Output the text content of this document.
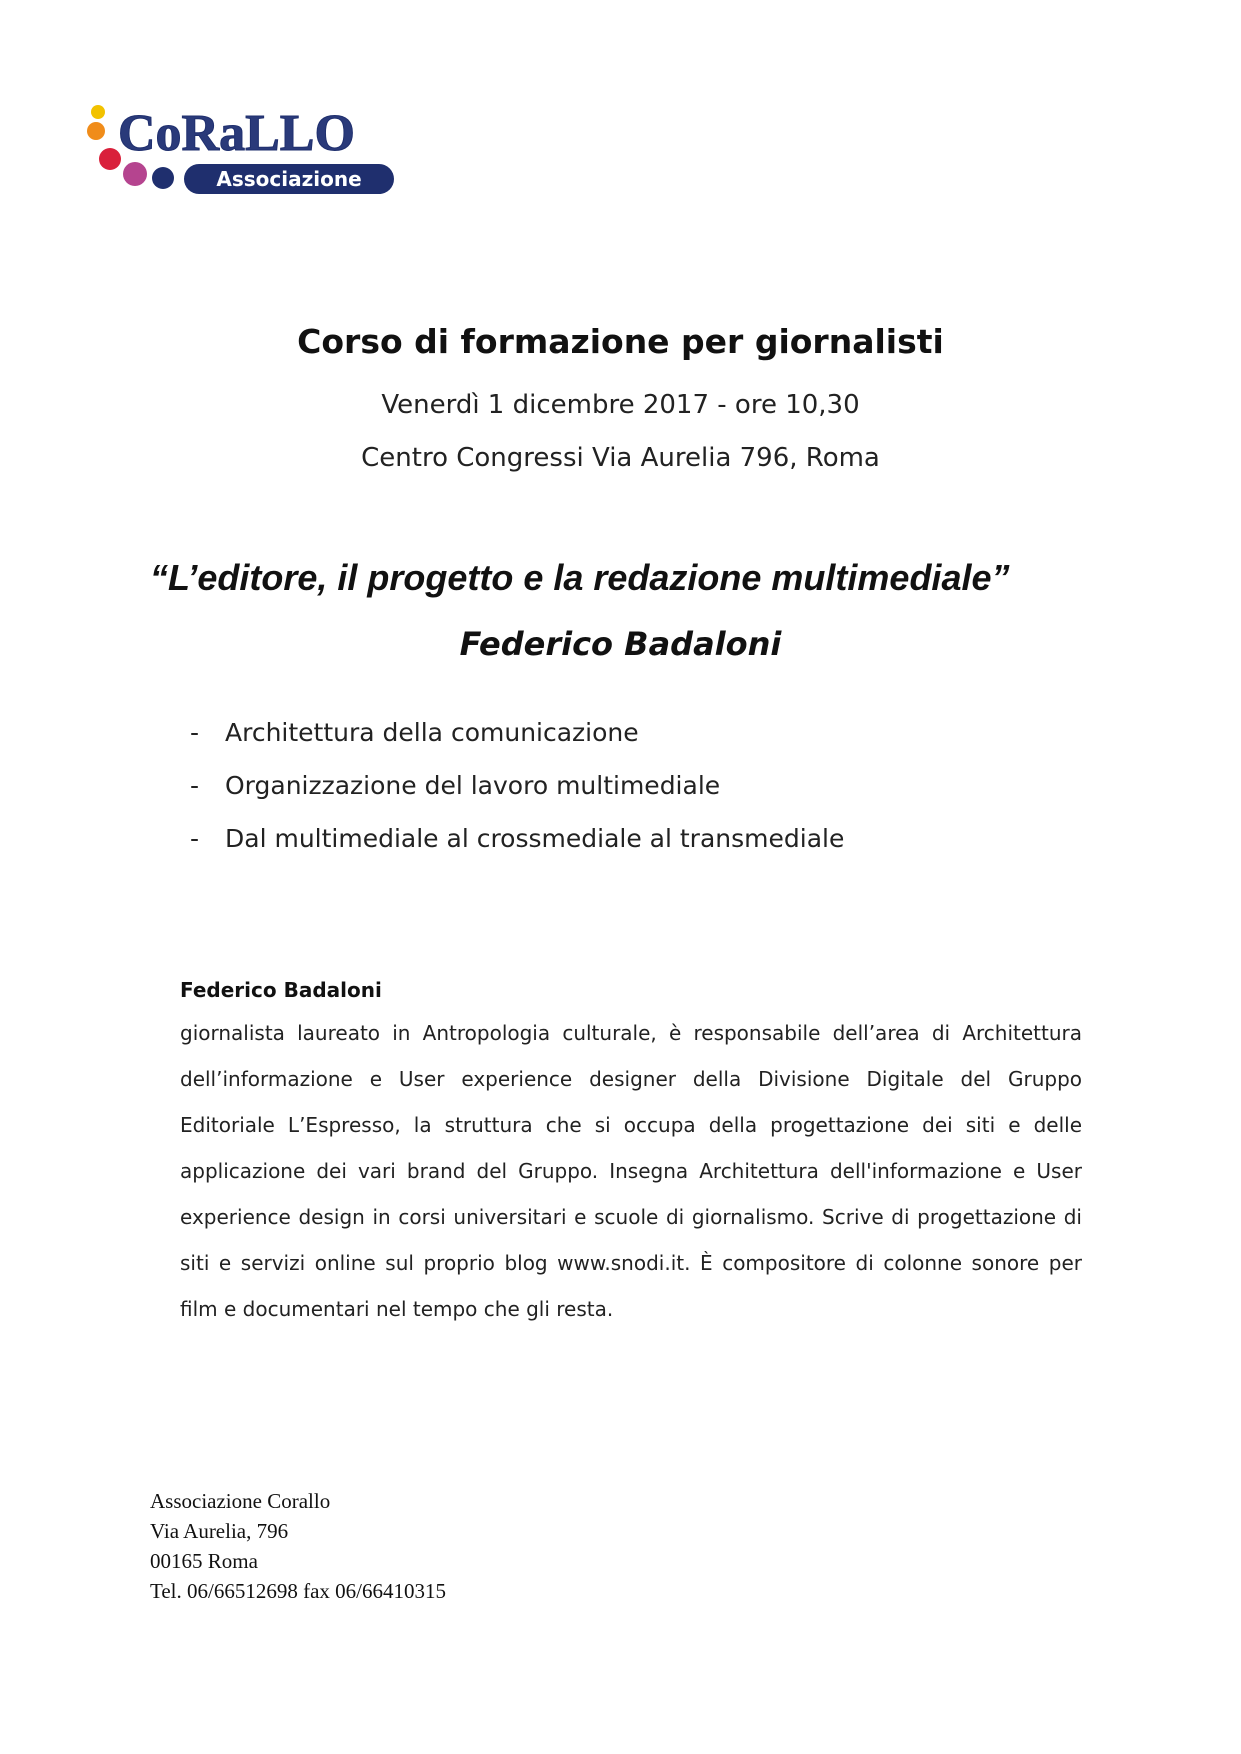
CoRaLLO
Associazione
Corso di formazione per giornalisti
Venerdì 1 dicembre 2017 - ore 10,30
Centro Congressi Via Aurelia 796, Roma
“L’editore, il progetto e la redazione multimediale”
Federico Badaloni
- Architettura della comunicazione
- Organizzazione del lavoro multimediale
- Dal multimediale al crossmediale al transmediale
Federico Badaloni

giornalista laureato in Antropologia culturale, è responsabile dell’area di Architettura dell’informazione e User experience designer della Divisione Digitale del Gruppo Editoriale L’Espresso, la struttura che si occupa della progettazione dei siti e delle applicazione dei vari brand del Gruppo. Insegna Architettura dell'informazione e User experience design in corsi universitari e scuole di giornalismo. Scrive di progettazione di siti e servizi online sul proprio blog www.snodi.it. È compositore di colonne sonore per film e documentari nel tempo che gli resta.

Associazione Corallo
Via Aurelia, 796
00165 Roma
Tel. 06/66512698 fax 06/66410315
